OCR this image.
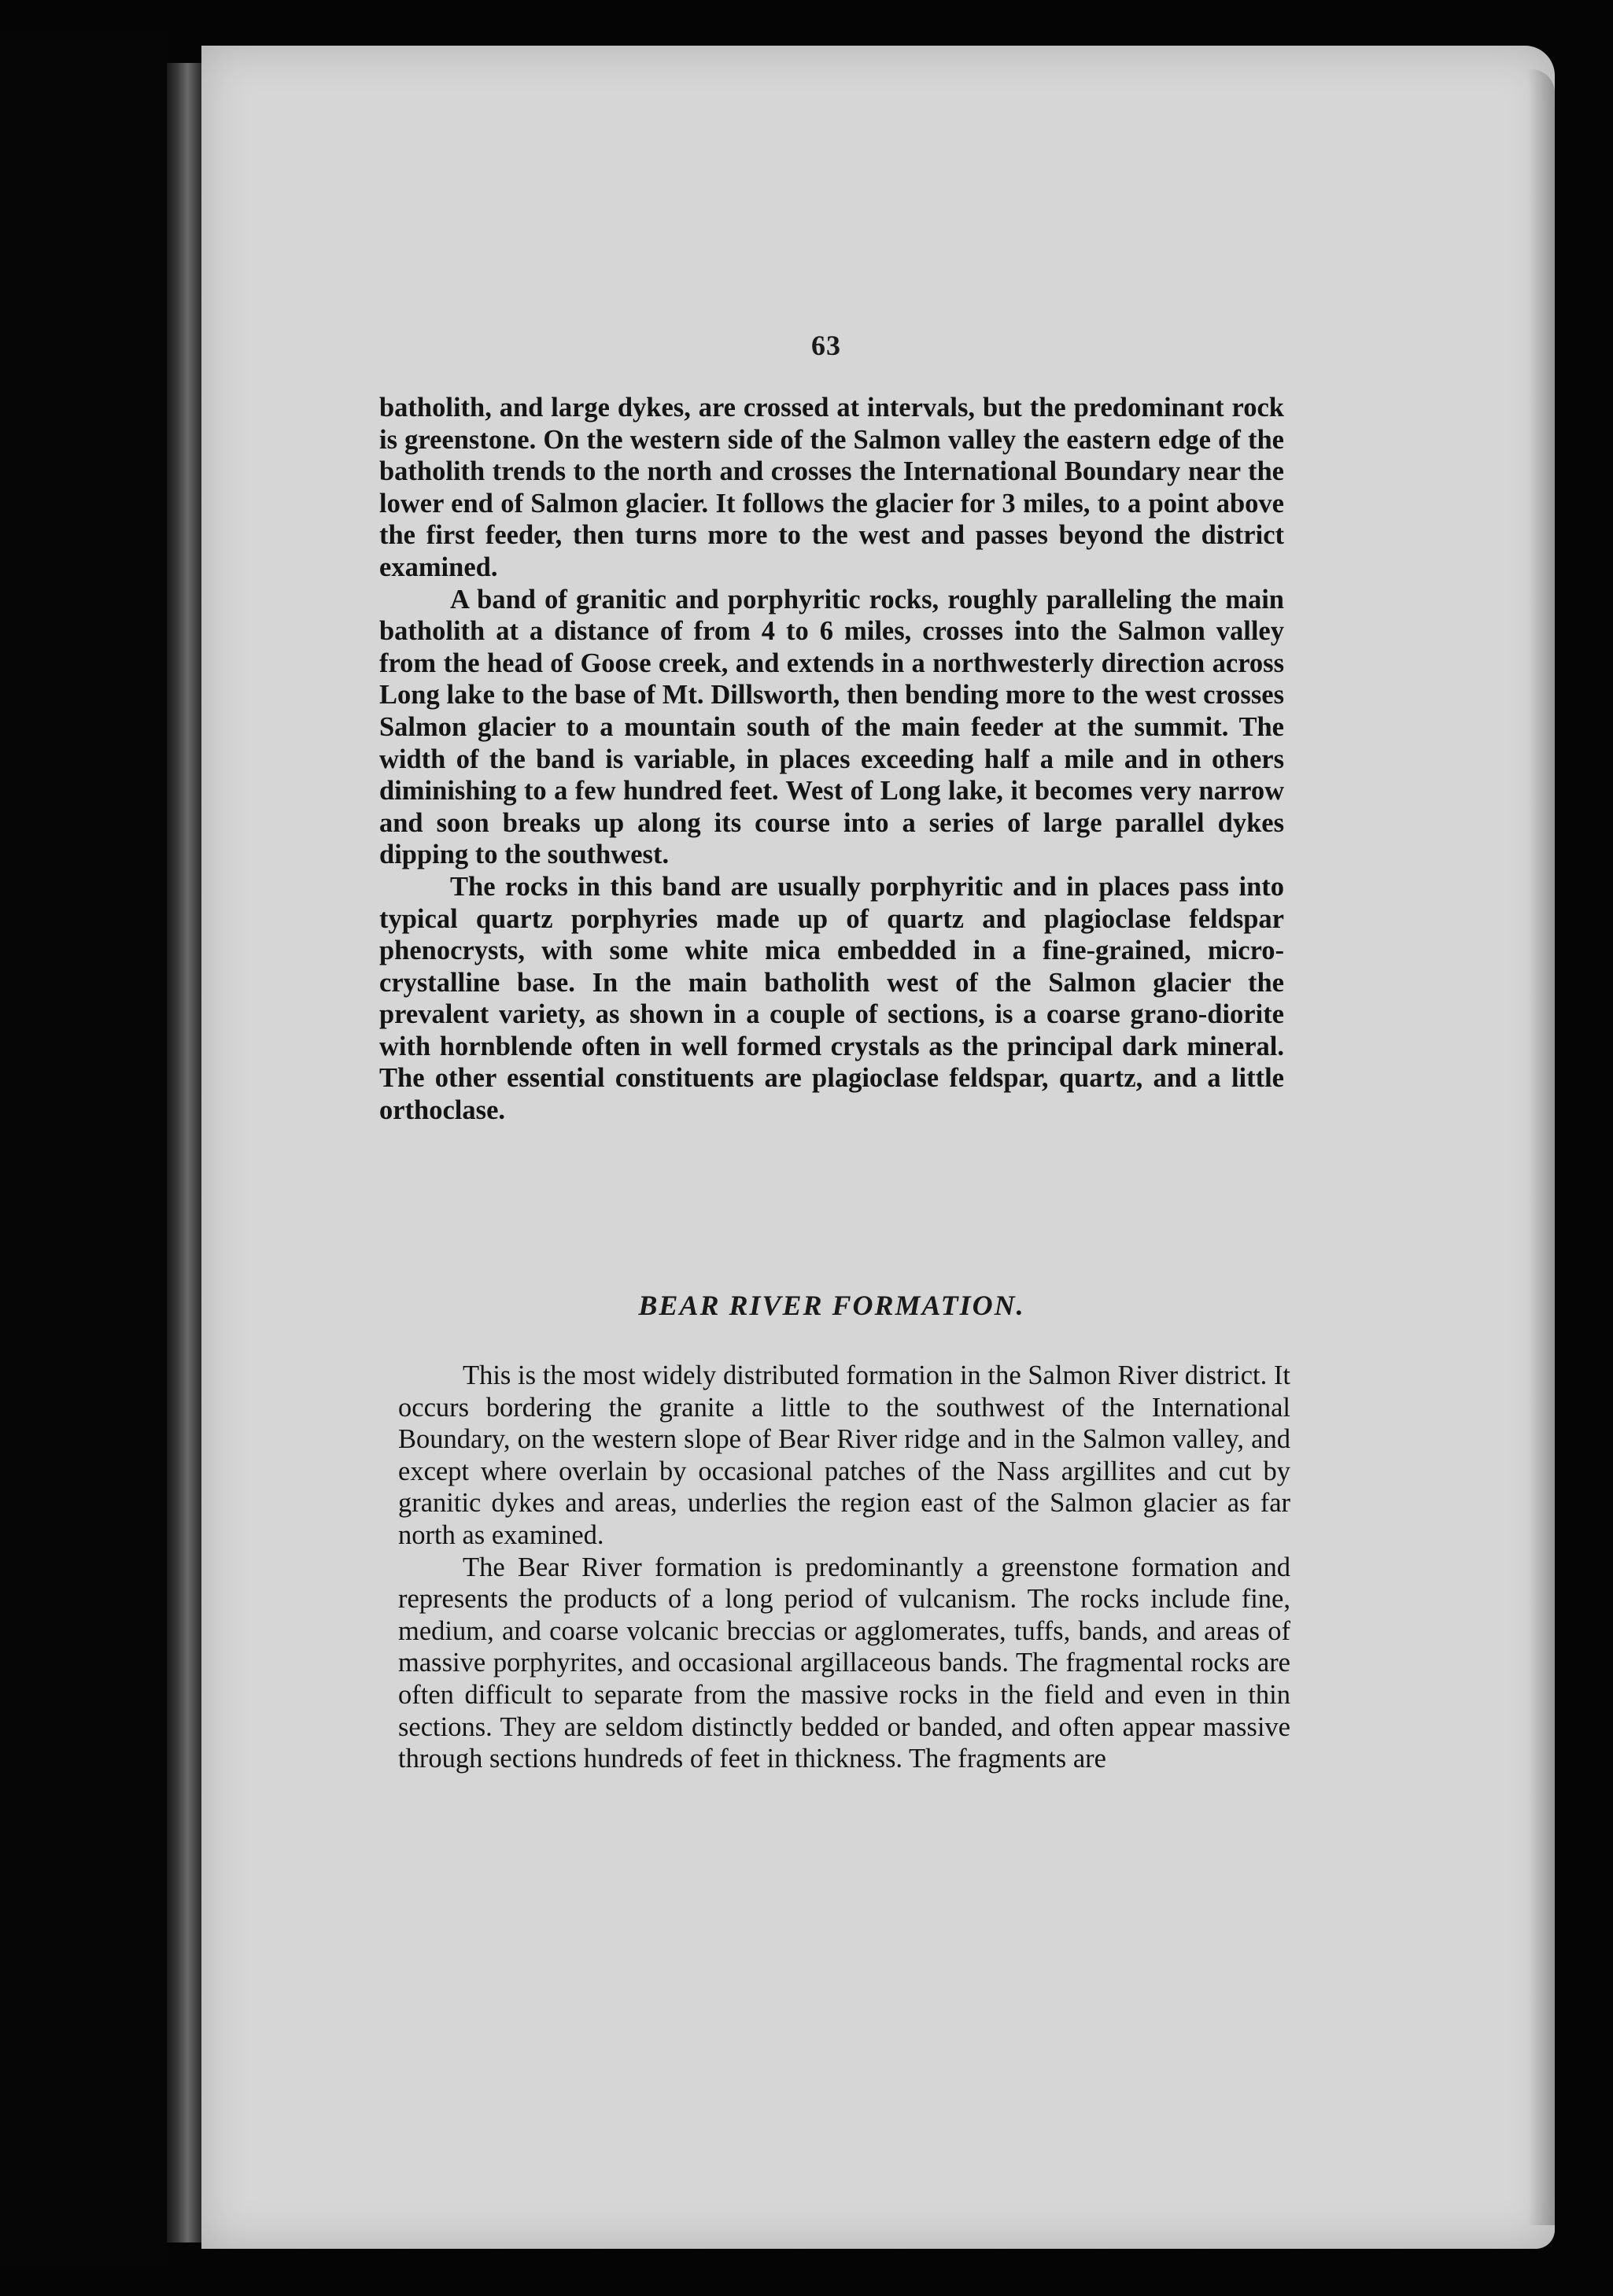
63

batholith, and large dykes, are crossed at intervals, but the predominant rock is greenstone. On the western side of the Salmon valley the eastern edge of the batholith trends to the north and crosses the International Boundary near the lower end of Salmon glacier. It follows the glacier for 3 miles, to a point above the first feeder, then turns more to the west and passes beyond the district examined.

A band of granitic and porphyritic rocks, roughly paralleling the main batholith at a distance of from 4 to 6 miles, crosses into the Salmon valley from the head of Goose creek, and extends in a northwesterly direction across Long lake to the base of Mt. Dillsworth, then bending more to the west crosses Salmon glacier to a mountain south of the main feeder at the summit. The width of the band is variable, in places exceeding half a mile and in others diminishing to a few hundred feet. West of Long lake, it becomes very narrow and soon breaks up along its course into a series of large parallel dykes dipping to the southwest.

The rocks in this band are usually porphyritic and in places pass into typical quartz porphyries made up of quartz and plagioclase feldspar phenocrysts, with some white mica embedded in a fine-grained, micro-crystalline base. In the main batholith west of the Salmon glacier the prevalent variety, as shown in a couple of sections, is a coarse grano-diorite with hornblende often in well formed crystals as the principal dark mineral. The other essential constituents are plagioclase feldspar, quartz, and a little orthoclase.

BEAR RIVER FORMATION.

This is the most widely distributed formation in the Salmon River district. It occurs bordering the granite a little to the southwest of the International Boundary, on the western slope of Bear River ridge and in the Salmon valley, and except where overlain by occasional patches of the Nass argillites and cut by granitic dykes and areas, underlies the region east of the Salmon glacier as far north as examined.

The Bear River formation is predominantly a greenstone formation and represents the products of a long period of vulcanism. The rocks include fine, medium, and coarse volcanic breccias or agglomerates, tuffs, bands, and areas of massive porphyrites, and occasional argillaceous bands. The fragmental rocks are often difficult to separate from the massive rocks in the field and even in thin sections. They are seldom distinctly bedded or banded, and often appear massive through sections hundreds of feet in thickness. The fragments are
